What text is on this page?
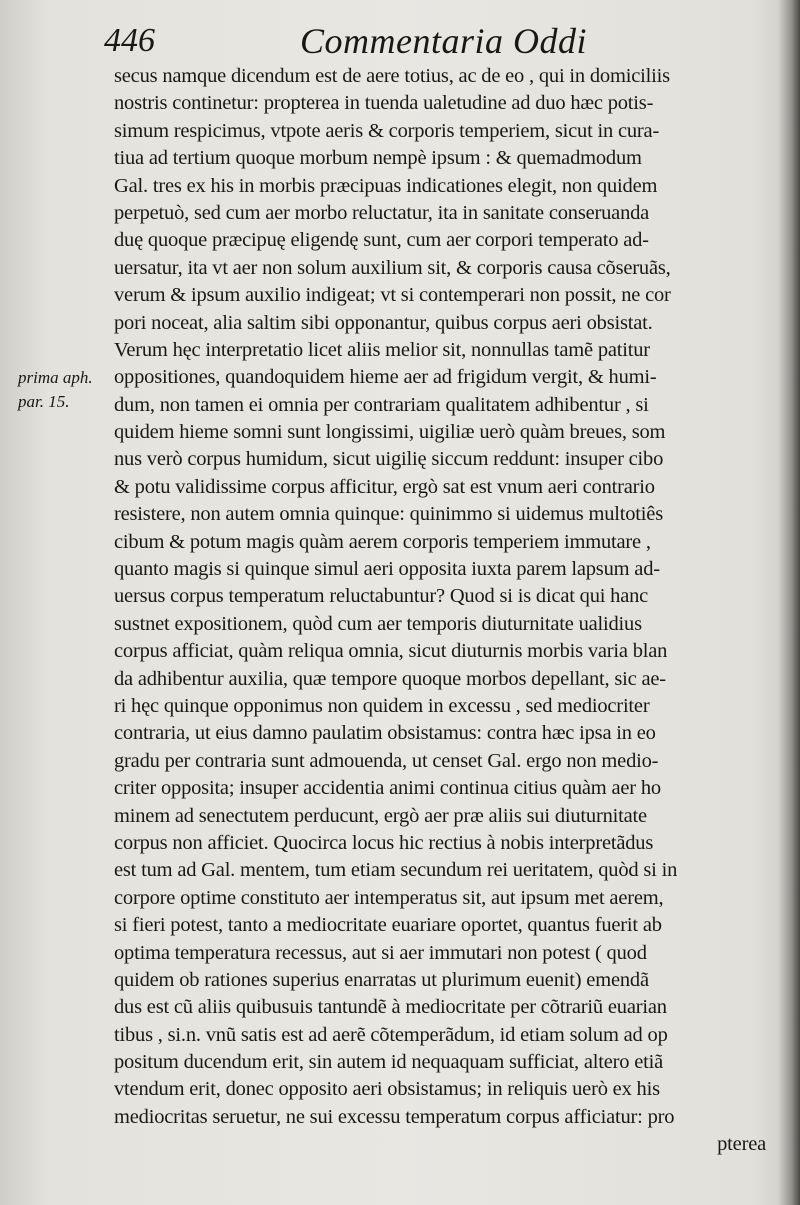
446	Commentaria Oddi
prima aph.
par. 15.
secus namque dicendum est de aere totius, ac de eo , qui in domiciliis
nostris continetur: propterea in tuenda ualetudine ad duo hæc potis-
simum respicimus, vtpote aeris & corporis temperiem, sicut in cura-
tiua ad tertium quoque morbum nempè ipsum : & quemadmodum
Gal. tres ex his in morbis præcipuas indicationes elegit, non quidem
perpetuò, sed cum aer morbo reluctatur, ita in sanitate conseruanda
duę quoque præcipuę eligendę sunt, cum aer corpori temperato ad-
uersatur, ita vt aer non solum auxilium sit, & corporis causa cõseruãs,
verum & ipsum auxilio indigeat; vt si contemperari non possit, ne cor
pori noceat, alia saltim sibi opponantur, quibus corpus aeri obsistat.
Verum hęc interpretatio licet aliis melior sit, nonnullas tamẽ patitur
oppositiones, quandoquidem hieme aer ad frigidum vergit, & humi-
dum, non tamen ei omnia per contrariam qualitatem adhibentur , si
quidem hieme somni sunt longissimi, uigiliæ uerò quàm breues, som
nus verò corpus humidum, sicut uigilię siccum reddunt: insuper cibo
& potu validissime corpus afficitur, ergò sat est vnum aeri contrario
resistere, non autem omnia quinque: quinimmo si uidemus multotiês
cibum & potum magis quàm aerem corporis temperiem immutare ,
quanto magis si quinque simul aeri opposita iuxta parem lapsum ad-
uersus corpus temperatum reluctabuntur? Quod si is dicat qui hanc
sustnet expositionem, quòd cum aer temporis diuturnitate ualidius
corpus afficiat, quàm reliqua omnia, sicut diuturnis morbis varia blan
da adhibentur auxilia, quæ tempore quoque morbos depellant, sic ae-
ri hęc quinque opponimus non quidem in excessu , sed mediocriter
contraria, ut eius damno paulatim obsistamus: contra hæc ipsa in eo
gradu per contraria sunt admouenda, ut censet Gal. ergo non medio-
criter opposita; insuper accidentia animi continua citius quàm aer ho
minem ad senectutem perducunt, ergò aer præ aliis sui diuturnitate
corpus non afficiet. Quocirca locus hic rectius à nobis interpretãdus
est tum ad Gal. mentem, tum etiam secundum rei ueritatem, quòd si in
corpore optime constituto aer intemperatus sit, aut ipsum met aerem,
si fieri potest, tanto a mediocritate euariare oportet, quantus fuerit ab
optima temperatura recessus, aut si aer immutari non potest ( quod
quidem ob rationes superius enarratas ut plurimum euenit) emendã
dus est cũ aliis quibusuis tantundẽ à mediocritate per cõtrariũ euarian
tibus , si.n. vnũ satis est ad aerẽ cõtemperãdum, id etiam solum ad op
positum ducendum erit, sin autem id nequaquam sufficiat, altero etiã
vtendum erit, donec opposito aeri obsistamus; in reliquis uerò ex his
mediocritas seruetur, ne sui excessu temperatum corpus afficiatur: pro
pterea
